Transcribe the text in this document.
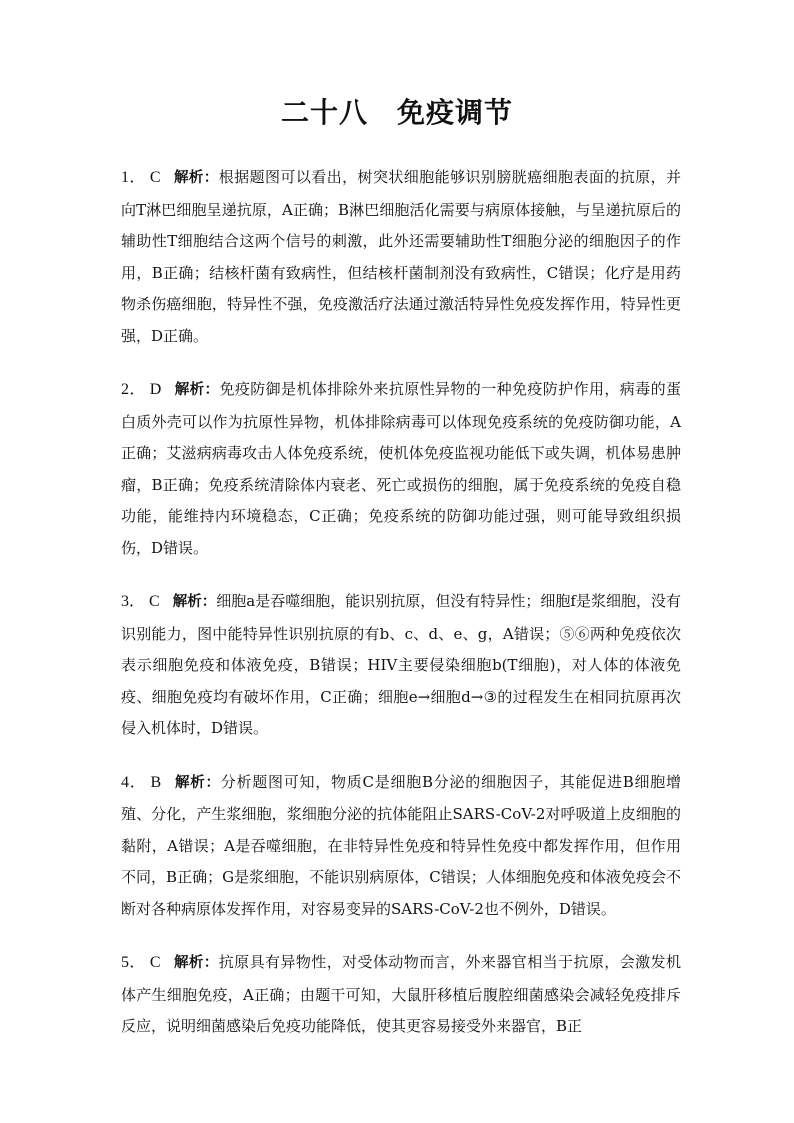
二十八　免疫调节

1． C 解析：根据题图可以看出，树突状细胞能够识别膀胱癌细胞表面的抗原，并向T淋巴细胞呈递抗原，A正确；B淋巴细胞活化需要与病原体接触，与呈递抗原后的辅助性T细胞结合这两个信号的刺激，此外还需要辅助性T细胞分泌的细胞因子的作用，B正确；结核杆菌有致病性，但结核杆菌制剂没有致病性，C错误；化疗是用药物杀伤癌细胞，特异性不强，免疫激活疗法通过激活特异性免疫发挥作用，特异性更强，D正确。

2． D 解析：免疫防御是机体排除外来抗原性异物的一种免疫防护作用，病毒的蛋白质外壳可以作为抗原性异物，机体排除病毒可以体现免疫系统的免疫防御功能，A正确；艾滋病病毒攻击人体免疫系统，使机体免疫监视功能低下或失调，机体易患肿瘤，B正确；免疫系统清除体内衰老、死亡或损伤的细胞，属于免疫系统的免疫自稳功能，能维持内环境稳态，C正确；免疫系统的防御功能过强，则可能导致组织损伤，D错误。

3． C 解析：细胞a是吞噬细胞，能识别抗原，但没有特异性；细胞f是浆细胞，没有识别能力，图中能特异性识别抗原的有b、c、d、e、g，A错误；⑤⑥两种免疫依次表示细胞免疫和体液免疫，B错误；HIV主要侵染细胞b(T细胞)，对人体的体液免疫、细胞免疫均有破坏作用，C正确；细胞e→细胞d→③的过程发生在相同抗原再次侵入机体时，D错误。

4． B 解析：分析题图可知，物质C是细胞B分泌的细胞因子，其能促进B细胞增殖、分化，产生浆细胞，浆细胞分泌的抗体能阻止SARS-CoV-2对呼吸道上皮细胞的黏附，A错误；A是吞噬细胞，在非特异性免疫和特异性免疫中都发挥作用，但作用不同，B正确；G是浆细胞，不能识别病原体，C错误；人体细胞免疫和体液免疫会不断对各种病原体发挥作用，对容易变异的SARS-CoV-2也不例外，D错误。

5． C 解析：抗原具有异物性，对受体动物而言，外来器官相当于抗原，会激发机体产生细胞免疫，A正确；由题干可知，大鼠肝移植后腹腔细菌感染会减轻免疫排斥反应，说明细菌感染后免疫功能降低，使其更容易接受外来器官，B正
